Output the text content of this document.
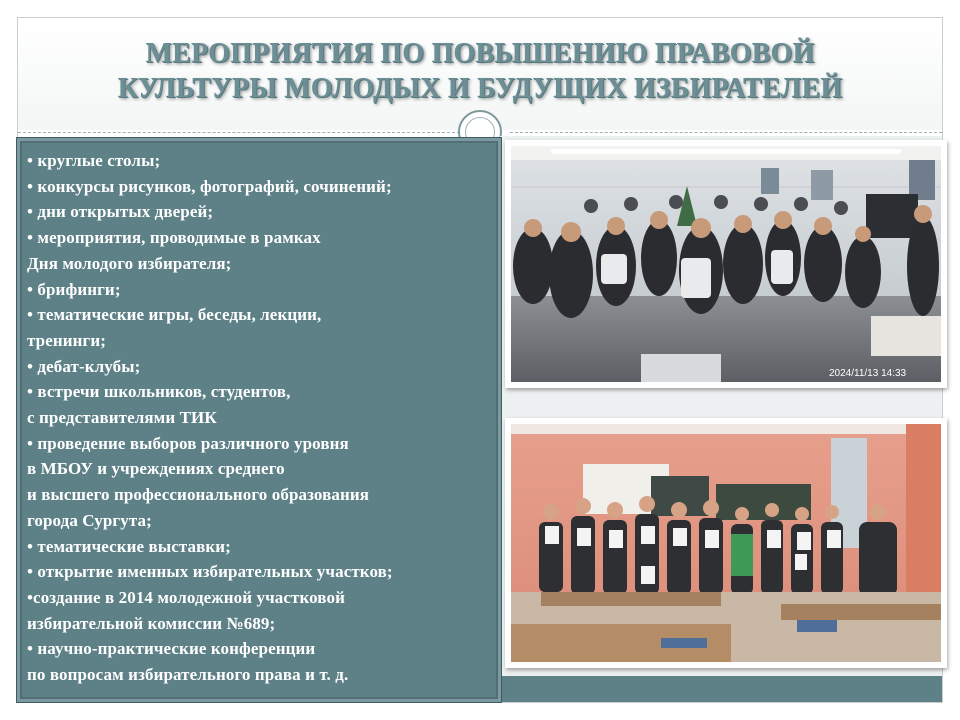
МЕРОПРИЯТИЯ ПО ПОВЫШЕНИЮ ПРАВОВОЙ
КУЛЬТУРЫ МОЛОДЫХ И БУДУЩИХ ИЗБИРАТЕЛЕЙ
• круглые столы;
• конкурсы рисунков, фотографий, сочинений;
• дни открытых дверей;
• мероприятия, проводимые в рамках
Дня молодого избирателя;
• брифинги;
• тематические игры, беседы, лекции,
тренинги;
• дебат-клубы;
• встречи школьников, студентов,
с представителями ТИК
• проведение выборов различного уровня
в МБОУ и учреждениях среднего
и высшего профессионального образования
города Сургута;
• тематические выставки;
• открытие именных избирательных участков;
•создание в 2014 молодежной участковой
избирательной комиссии №689;
• научно-практические конференции
по вопросам избирательного права и т. д.
2024/11/13 14:33
